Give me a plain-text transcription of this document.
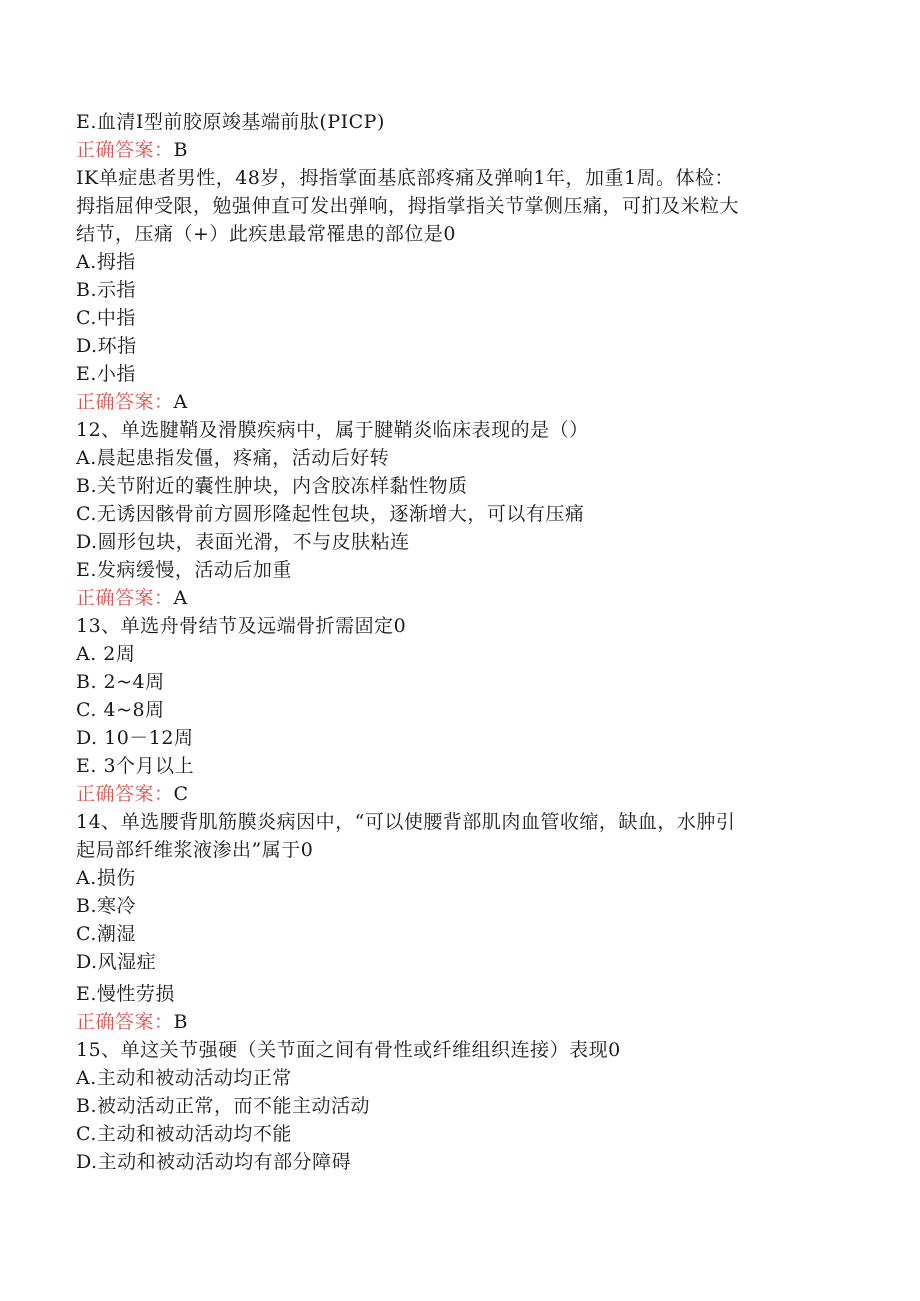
E.血清Ⅰ型前胶原竣基端前肽(PICP)
正确答案：B
IK单症患者男性，48岁，拇指掌面基底部疼痛及弹响1年，加重1周。体检：
拇指屈伸受限，勉强伸直可发出弹响，拇指掌指关节掌侧压痛，可扪及米粒大
结节，压痛（+）此疾患最常罹患的部位是0
A.拇指
B.示指
C.中指
D.环指
E.小指
正确答案：A
12、单选腱鞘及滑膜疾病中，属于腱鞘炎临床表现的是（）
A.晨起患指发僵，疼痛，活动后好转
B.关节附近的囊性肿块，内含胶冻样黏性物质
C.无诱因骸骨前方圆形隆起性包块，逐渐增大，可以有压痛
D.圆形包块，表面光滑，不与皮肤粘连
E.发病缓慢，活动后加重
正确答案：A
13、单选舟骨结节及远端骨折需固定0
A. 2周
B. 2~4周
C. 4~8周
D. 10－12周
E. 3个月以上
正确答案：C
14、单选腰背肌筋膜炎病因中，“可以使腰背部肌肉血管收缩，缺血，水肿引
起局部纤维浆液渗出”属于0
A.损伤
B.寒冷
C.潮湿
D.风湿症
E.慢性劳损
正确答案：B
15、单这关节强硬（关节面之间有骨性或纤维组织连接）表现0
A.主动和被动活动均正常
B.被动活动正常，而不能主动活动
C.主动和被动活动均不能
D.主动和被动活动均有部分障碍
